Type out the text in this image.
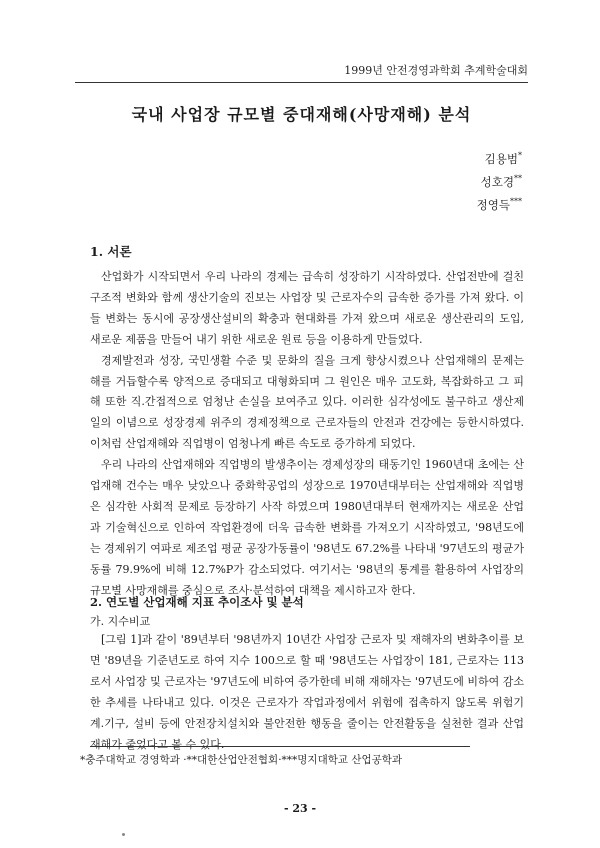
1999년 안전경영과학회 추계학술대회
국내 사업장 규모별 중대재해(사망재해) 분석
김용범*
성호경**
정영득***
1. 서론

산업화가 시작되면서 우리 나라의 경제는 급속히 성장하기 시작하였다. 산업전반에 걸친 구조적 변화와 함께 생산기술의 진보는 사업장 및 근로자수의 급속한 증가를 가져 왔다. 이들 변화는 동시에 공장생산설비의 확충과 현대화를 가져 왔으며 새로운 생산관리의 도입, 새로운 제품을 만들어 내기 위한 새로운 원료 등을 이용하게 만들었다.

경제발전과 성장, 국민생활 수준 및 문화의 질을 크게 향상시켰으나 산업재해의 문제는 해를 거듭할수록 양적으로 증대되고 대형화되며 그 원인은 매우 고도화, 복잡화하고 그 피해 또한 직.간접적으로 엄청난 손실을 보여주고 있다. 이러한 심각성에도 불구하고 생산제일의 이념으로 성장경제 위주의 경제정책으로 근로자들의 안전과 건강에는 등한시하였다. 이처럼 산업재해와 직업병이 엄청나게 빠른 속도로 증가하게 되었다.

우리 나라의 산업재해와 직업병의 발생추이는 경제성장의 태동기인 1960년대 초에는 산업재해 건수는 매우 낮았으나 중화학공업의 성장으로 1970년대부터는 산업재해와 직업병은 심각한 사회적 문제로 등장하기 사작 하였으며 1980년대부터 현재까지는 새로운 산업과 기술혁신으로 인하여 작업환경에 더욱 급속한 변화를 가져오기 시작하였고, '98년도에는 경제위기 여파로 제조업 평균 공장가동률이 '98년도 67.2%를 나타내 '97년도의 평균가동률 79.9%에 비해 12.7%P가 감소되었다. 여기서는 '98년의 통계를 활용하여 사업장의 규모별 사망재해를 중심으로 조사·분석하여 대책을 제시하고자 한다.

2. 연도별 산업재해 지표 추이조사 및 분석
가. 지수비교

[그림 1]과 같이 '89년부터 '98년까지 10년간 사업장 근로자 및 재해자의 변화추이를 보면 '89년을 기준년도로 하여 지수 100으로 할 때 '98년도는 사업장이 181, 근로자는 113로서 사업장 및 근로자는 '97년도에 비하여 증가한데 비해 재해자는 '97년도에 비하여 감소한 추세를 나타내고 있다. 이것은 근로자가 작업과정에서 위험에 접촉하지 않도록 위험기계.기구, 설비 등에 안전장치설치와 불안전한 행동을 줄이는 안전활동을 실천한 결과 산업재해가 줄었다고 볼 수 있다.

*충주대학교 경영학과 ·**대한산업안전협회·***명지대학교 산업공학과
- 23 -
